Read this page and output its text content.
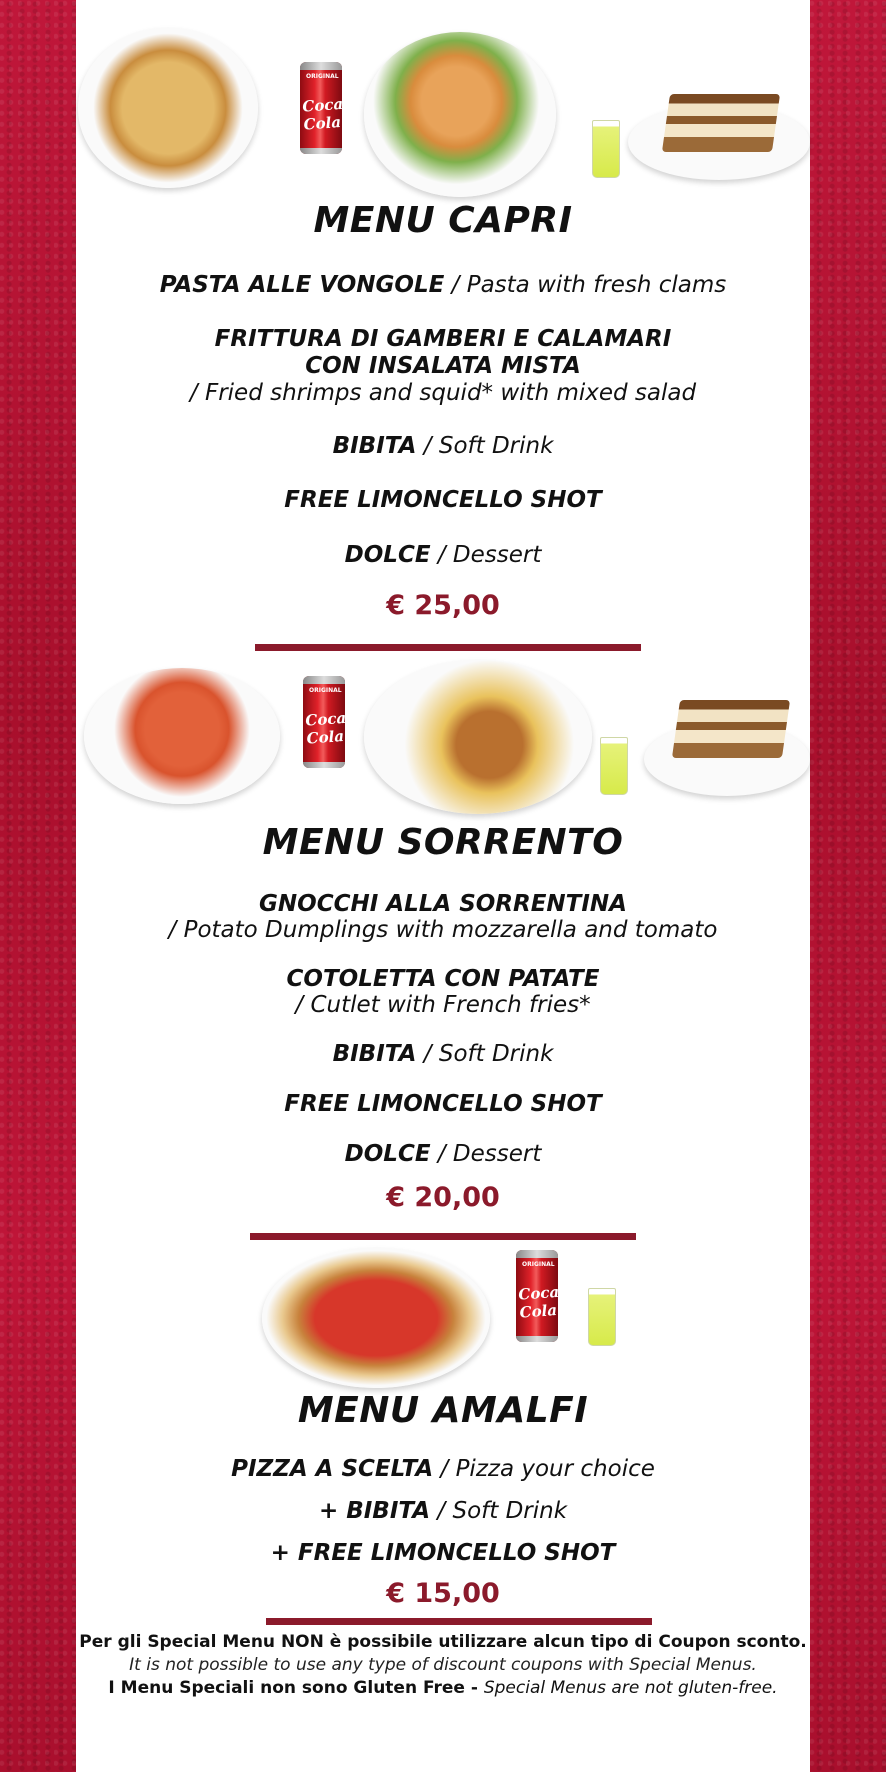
ORIGINAL
Coca-Cola
MENU CAPRI
PASTA ALLE VONGOLE / Pasta with fresh clams
FRITTURA DI GAMBERI E CALAMARI
CON INSALATA MISTA
/ Fried shrimps and squid* with mixed salad
BIBITA / Soft Drink
FREE LIMONCELLO SHOT
DOLCE / Dessert
€ 25,00
ORIGINAL
Coca-Cola
MENU SORRENTO
GNOCCHI ALLA SORRENTINA
/ Potato Dumplings with mozzarella and tomato
COTOLETTA CON PATATE
/ Cutlet with French fries*
BIBITA / Soft Drink
FREE LIMONCELLO SHOT
DOLCE / Dessert
€ 20,00
ORIGINAL
Coca-Cola
MENU AMALFI
PIZZA A SCELTA / Pizza your choice
+ BIBITA / Soft Drink
+ FREE LIMONCELLO SHOT
€ 15,00
Per gli Special Menu NON è possibile utilizzare alcun tipo di Coupon sconto.
It is not possible to use any type of discount coupons with Special Menus.
I Menu Speciali non sono Gluten Free - Special Menus are not gluten-free.
